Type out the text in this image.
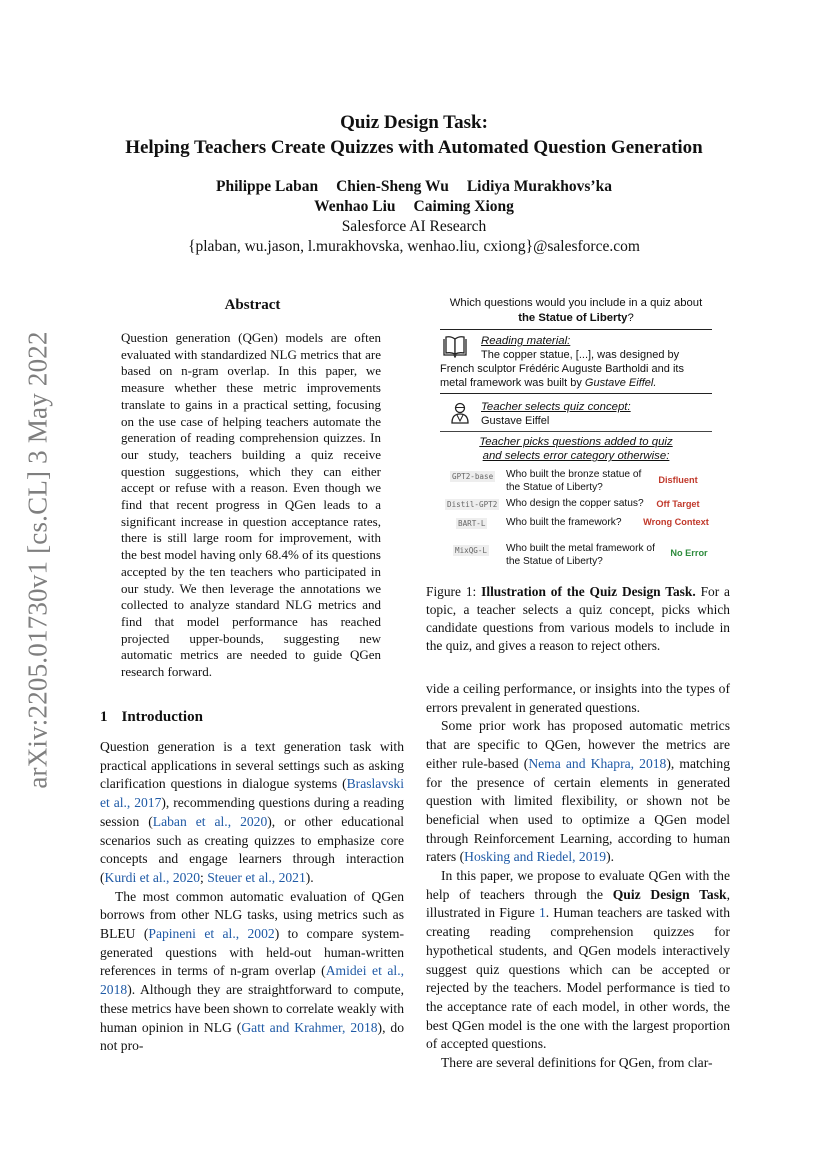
arXiv:2205.01730v1 [cs.CL] 3 May 2022
Quiz Design Task:
Helping Teachers Create Quizzes with Automated Question Generation
Philippe Laban Chien-Sheng Wu Lidiya Murakhovs’ka
Wenhao Liu Caiming Xiong
Salesforce AI Research
{plaban, wu.jason, l.murakhovska, wenhao.liu, cxiong}@salesforce.com
Abstract
Question generation (QGen) models are often evaluated with standardized NLG metrics that are based on n-gram overlap. In this paper, we measure whether these metric improvements translate to gains in a practical setting, focusing on the use case of helping teachers automate the generation of reading comprehension quizzes. In our study, teachers building a quiz receive question suggestions, which they can either accept or refuse with a reason. Even though we find that recent progress in QGen leads to a significant increase in question acceptance rates, there is still large room for improvement, with the best model having only 68.4% of its questions accepted by the ten teachers who participated in our study. We then leverage the annotations we collected to analyze standard NLG metrics and find that model performance has reached projected upper-bounds, suggesting new automatic metrics are needed to guide QGen research forward.
1 Introduction

Question generation is a text generation task with practical applications in several settings such as asking clarification questions in dialogue systems (Braslavski et al., 2017), recommending questions during a reading session (Laban et al., 2020), or other educational scenarios such as creating quizzes to emphasize core concepts and engage learners through interaction (Kurdi et al., 2020; Steuer et al., 2021).

The most common automatic evaluation of QGen borrows from other NLG tasks, using metrics such as BLEU (Papineni et al., 2002) to compare system-generated questions with held-out human-written references in terms of n-gram overlap (Amidei et al., 2018). Although they are straightforward to compute, these metrics have been shown to correlate weakly with human opinion in NLG (Gatt and Krahmer, 2018), do not pro-

Which questions would you include in a quiz about
the Statue of Liberty?
Reading material:
The copper statue, [...], was designed by French sculptor Frédéric Auguste Bartholdi and its metal framework was built by Gustave Eiffel.
Teacher selects quiz concept:
Gustave Eiffel
Teacher picks questions added to quiz
and selects error category otherwise:
GPT2-base Who built the bronze statue of the Statue of Liberty?
Disfluent
Distil-GPT2 Who design the copper satus?	Off Target
BART-L Who built the framework?	Wrong Context
MixQG-L Who built the metal framework of the Statue of Liberty?
No Error
Figure 1: Illustration of the Quiz Design Task. For a topic, a teacher selects a quiz concept, picks which candidate questions from various models to include in the quiz, and gives a reason to reject others.

vide a ceiling performance, or insights into the types of errors prevalent in generated questions.

Some prior work has proposed automatic metrics that are specific to QGen, however the metrics are either rule-based (Nema and Khapra, 2018), matching for the presence of certain elements in generated question with limited flexibility, or shown not be beneficial when used to optimize a QGen model through Reinforcement Learning, according to human raters (Hosking and Riedel, 2019).

In this paper, we propose to evaluate QGen with the help of teachers through the Quiz Design Task, illustrated in Figure 1. Human teachers are tasked with creating reading comprehension quizzes for hypothetical students, and QGen models interactively suggest quiz questions which can be accepted or rejected by the teachers. Model performance is tied to the acceptance rate of each model, in other words, the best QGen model is the one with the largest proportion of accepted questions.

There are several definitions for QGen, from clar-
